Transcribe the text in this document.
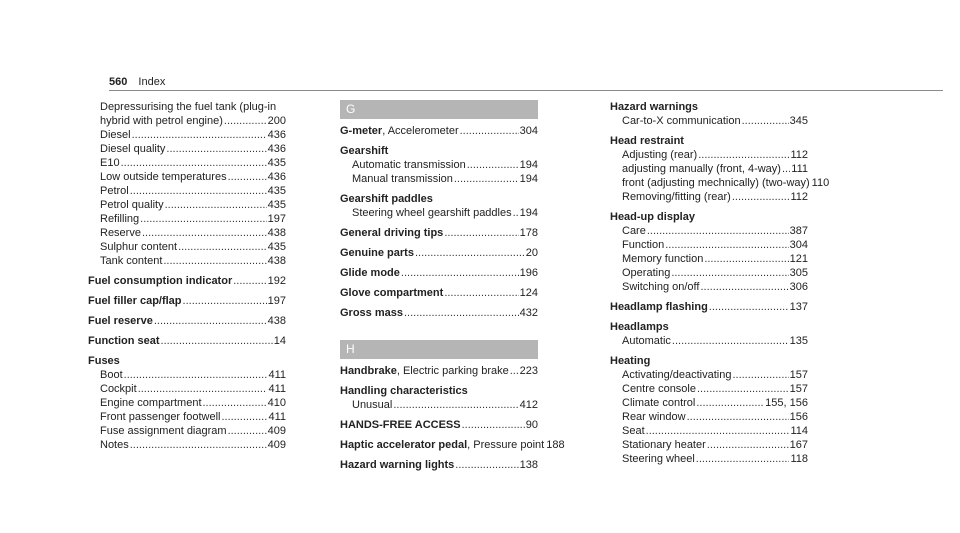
560 Index
Depressurising the fuel tank (plug-in
hybrid with petrol engine) .....	200
Diesel .....	436
Diesel quality .....	436
E10 .....	435
Low outside temperatures .....	436
Petrol .....	435
Petrol quality .....	435
Refilling .....	197
Reserve .....	438
Sulphur content .....	435
Tank content .....	438
Fuel consumption indicator .....	192
Fuel filler cap/flap .....	197
Fuel reserve .....	438
Function seat .....	14
Fuses
Boot .....	411
Cockpit .....	411
Engine compartment .....	410
Front passenger footwell .....	411
Fuse assignment diagram .....	409
Notes .....	409
G
G-meter, Accelerometer .....	304
Gearshift
Automatic transmission .....	194
Manual transmission .....	194
Gearshift paddles
Steering wheel gearshift paddles ..... 194
General driving tips .....	178
Genuine parts .....	20
Glide mode .....	196
Glove compartment .....	124
Gross mass .....	432
H
Handbrake, Electric parking brake ..... 223
Handling characteristics
Unusual .....	412
HANDS-FREE ACCESS .....	90
Haptic accelerator pedal, Pressure point 188
Hazard warning lights .....	138
Hazard warnings
Car-to-X communication .....	345
Head restraint
Adjusting (rear) .....	112
adjusting manually (front, 4-way) ..... 111
front (adjusting mechnically) (two-way) 110
Removing/fitting (rear) .....	112
Head-up display
Care .....	387
Function .....	304
Memory function .....	121
Operating .....	305
Switching on/off .....	306
Headlamp flashing .....	137
Headlamps
Automatic .....	135
Heating
Activating/deactivating .....	157
Centre console .....	157
Climate control .....	155, 156
Rear window .....	156
Seat .....	114
Stationary heater .....	167
Steering wheel .....	118
